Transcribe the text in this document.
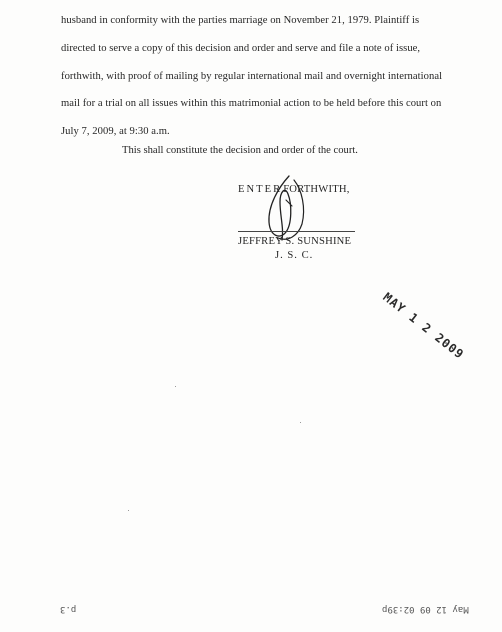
husband in conformity with the parties marriage on November 21, 1979. Plaintiff is
directed to serve a copy of this decision and order and serve and file a note of issue,
forthwith, with proof of mailing by regular international mail and overnight international
mail for a trial on all issues within this matrimonial action to be held before this court on
July 7, 2009, at 9:30 a.m.
This shall constitute the decision and order of the court.
ENTER FORTHWITH,
JEFFREY S. SUNSHINE
J. S. C.
MAY 1 2 2009
p.3	May 12 09 02:39p
